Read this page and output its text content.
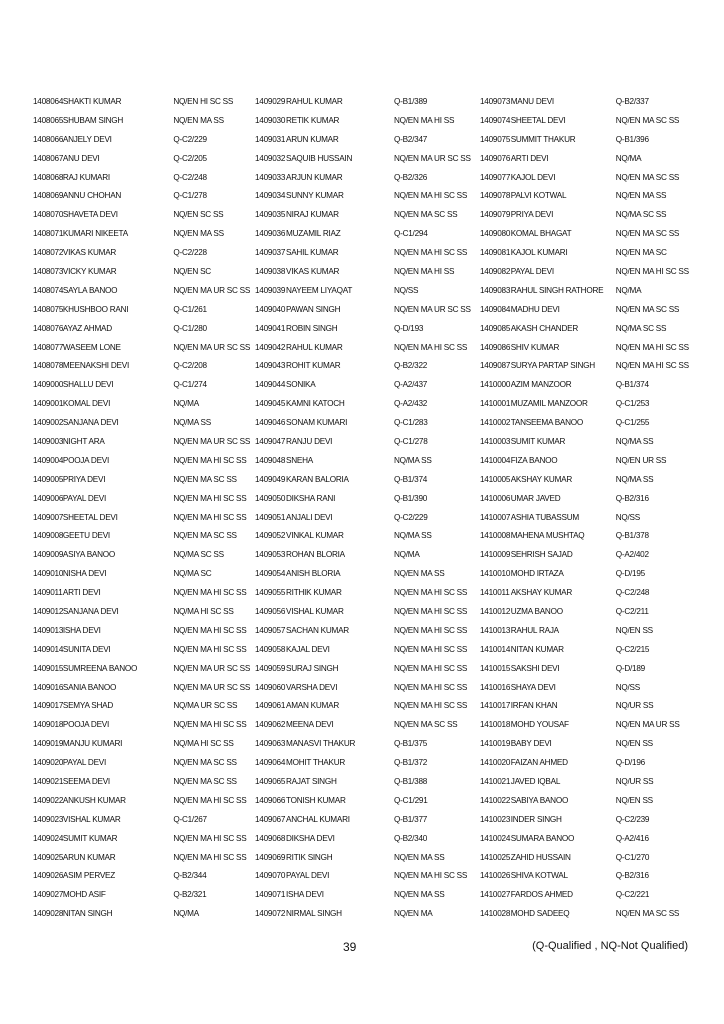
1408064 SHAKTI KUMAR	NQ/EN HI SC SS
1408065 SHUBAM SINGH	NQ/EN MA SS
1408066 ANJELY DEVI	Q-C2/229
1408067 ANU DEVI	Q-C2/205
1408068 RAJ KUMARI	Q-C2/248
1408069 ANNU CHOHAN	Q-C1/278
1408070 SHAVETA DEVI	NQ/EN SC SS
1408071 KUMARI NIKEETA	NQ/EN MA SS
1408072 VIKAS KUMAR	Q-C2/228
1408073 VICKY KUMAR	NQ/EN SC
1408074 SAYLA BANOO	NQ/EN MA UR SC SS
1408075 KHUSHBOO RANI	Q-C1/261
1408076 AYAZ AHMAD	Q-C1/280
1408077 WASEEM LONE	NQ/EN MA UR SC SS
1408078 MEENAKSHI DEVI	Q-C2/208
1409000 SHALLU DEVI	Q-C1/274
1409001 KOMAL DEVI	NQ/MA
1409002 SANJANA DEVI	NQ/MA SS
1409003 NIGHT ARA	NQ/EN MA UR SC SS
1409004 POOJA DEVI	NQ/EN MA HI SC SS
1409005 PRIYA DEVI	NQ/EN MA SC SS
1409006 PAYAL DEVI	NQ/EN MA HI SC SS
1409007 SHEETAL DEVI	NQ/EN MA HI SC SS
1409008 GEETU DEVI	NQ/EN MA SC SS
1409009 ASIYA BANOO	NQ/MA SC SS
1409010 NISHA DEVI	NQ/MA SC
1409011 ARTI DEVI	NQ/EN MA HI SC SS
1409012 SANJANA DEVI	NQ/MA HI SC SS
1409013 ISHA DEVI	NQ/EN MA HI SC SS
1409014 SUNITA DEVI	NQ/EN MA HI SC SS
1409015 SUMREENA BANOO	NQ/EN MA UR SC SS
1409016 SANIA BANOO	NQ/EN MA UR SC SS
1409017 SEMYA SHAD	NQ/MA UR SC SS
1409018 POOJA DEVI	NQ/EN MA HI SC SS
1409019 MANJU KUMARI	NQ/MA HI SC SS
1409020 PAYAL DEVI	NQ/EN MA SC SS
1409021 SEEMA DEVI	NQ/EN MA SC SS
1409022 ANKUSH KUMAR	NQ/EN MA HI SC SS
1409023 VISHAL KUMAR	Q-C1/267
1409024 SUMIT KUMAR	NQ/EN MA HI SC SS
1409025 ARUN KUMAR	NQ/EN MA HI SC SS
1409026 ASIM PERVEZ	Q-B2/344
1409027 MOHD ASIF	Q-B2/321
1409028 NITAN SINGH	NQ/MA
1409029 RAHUL KUMAR	Q-B1/389
1409030 RETIK KUMAR	NQ/EN MA HI SS
1409031 ARUN KUMAR	Q-B2/347
1409032 SAQUIB HUSSAIN	NQ/EN MA UR SC SS
1409033 ARJUN KUMAR	Q-B2/326
1409034 SUNNY KUMAR	NQ/EN MA HI SC SS
1409035 NIRAJ KUMAR	NQ/EN MA SC SS
1409036 MUZAMIL RIAZ	Q-C1/294
1409037 SAHIL KUMAR	NQ/EN MA HI SC SS
1409038 VIKAS KUMAR	NQ/EN MA HI SS
1409039 NAYEEM LIYAQAT	NQ/SS
1409040 PAWAN SINGH	NQ/EN MA UR SC SS
1409041 ROBIN SINGH	Q-D/193
1409042 RAHUL KUMAR	NQ/EN MA HI SC SS
1409043 ROHIT KUMAR	Q-B2/322
1409044 SONIKA	Q-A2/437
1409045 KAMNI KATOCH	Q-A2/432
1409046 SONAM KUMARI	Q-C1/283
1409047 RANJU DEVI	Q-C1/278
1409048 SNEHA	NQ/MA SS
1409049 KARAN BALORIA	Q-B1/374
1409050 DIKSHA RANI	Q-B1/390
1409051 ANJALI DEVI	Q-C2/229
1409052 VINKAL KUMAR	NQ/MA SS
1409053 ROHAN BLORIA	NQ/MA
1409054 ANISH BLORIA	NQ/EN MA SS
1409055 RITHIK KUMAR	NQ/EN MA HI SC SS
1409056 VISHAL KUMAR	NQ/EN MA HI SC SS
1409057 SACHAN KUMAR	NQ/EN MA HI SC SS
1409058 KAJAL DEVI	NQ/EN MA HI SC SS
1409059 SURAJ SINGH	NQ/EN MA HI SC SS
1409060 VARSHA DEVI	NQ/EN MA HI SC SS
1409061 AMAN KUMAR	NQ/EN MA HI SC SS
1409062 MEENA DEVI	NQ/EN MA SC SS
1409063 MANASVI THAKUR	Q-B1/375
1409064 MOHIT THAKUR	Q-B1/372
1409065 RAJAT SINGH	Q-B1/388
1409066 TONISH KUMAR	Q-C1/291
1409067 ANCHAL KUMARI	Q-B1/377
1409068 DIKSHA DEVI	Q-B2/340
1409069 RITIK SINGH	NQ/EN MA SS
1409070 PAYAL DEVI	NQ/EN MA HI SC SS
1409071 ISHA DEVI	NQ/EN MA SS
1409072 NIRMAL SINGH	NQ/EN MA
1409073 MANU DEVI	Q-B2/337
1409074 SHEETAL DEVI	NQ/EN MA SC SS
1409075 SUMMIT THAKUR	Q-B1/396
1409076 ARTI DEVI	NQ/MA
1409077 KAJOL DEVI	NQ/EN MA SC SS
1409078 PALVI KOTWAL	NQ/EN MA SS
1409079 PRIYA DEVI	NQ/MA SC SS
1409080 KOMAL BHAGAT	NQ/EN MA SC SS
1409081 KAJOL KUMARI	NQ/EN MA SC
1409082 PAYAL DEVI	NQ/EN MA HI SC SS
1409083 RAHUL SINGH RATHORE	NQ/MA
1409084 MADHU DEVI	NQ/EN MA SC SS
1409085 AKASH CHANDER	NQ/MA SC SS
1409086 SHIV KUMAR	NQ/EN MA HI SC SS
1409087 SURYA PARTAP SINGH	NQ/EN MA HI SC SS
1410000 AZIM MANZOOR	Q-B1/374
1410001 MUZAMIL MANZOOR	Q-C1/253
1410002 TANSEEMA BANOO	Q-C1/255
1410003 SUMIT KUMAR	NQ/MA SS
1410004 FIZA BANOO	NQ/EN UR SS
1410005 AKSHAY KUMAR	NQ/MA SS
1410006 UMAR JAVED	Q-B2/316
1410007 ASHIA TUBASSUM	NQ/SS
1410008 MAHENA MUSHTAQ	Q-B1/378
1410009 SEHRISH SAJAD	Q-A2/402
1410010 MOHD IRTAZA	Q-D/195
1410011 AKSHAY KUMAR	Q-C2/248
1410012 UZMA BANOO	Q-C2/211
1410013 RAHUL RAJA	NQ/EN SS
1410014 NITAN KUMAR	Q-C2/215
1410015 SAKSHI DEVI	Q-D/189
1410016 SHAYA DEVI	NQ/SS
1410017 IRFAN KHAN	NQ/UR SS
1410018 MOHD YOUSAF	NQ/EN MA UR SS
1410019 BABY DEVI	NQ/EN SS
1410020 FAIZAN AHMED	Q-D/196
1410021 JAVED IQBAL	NQ/UR SS
1410022 SABIYA BANOO	NQ/EN SS
1410023 INDER SINGH	Q-C2/239
1410024 SUMARA BANOO	Q-A2/416
1410025 ZAHID HUSSAIN	Q-C1/270
1410026 SHIVA KOTWAL	Q-B2/316
1410027 FARDOS AHMED	Q-C2/221
1410028 MOHD SADEEQ	NQ/EN MA SC SS
39	(Q-Qualified , NQ-Not Qualified)
